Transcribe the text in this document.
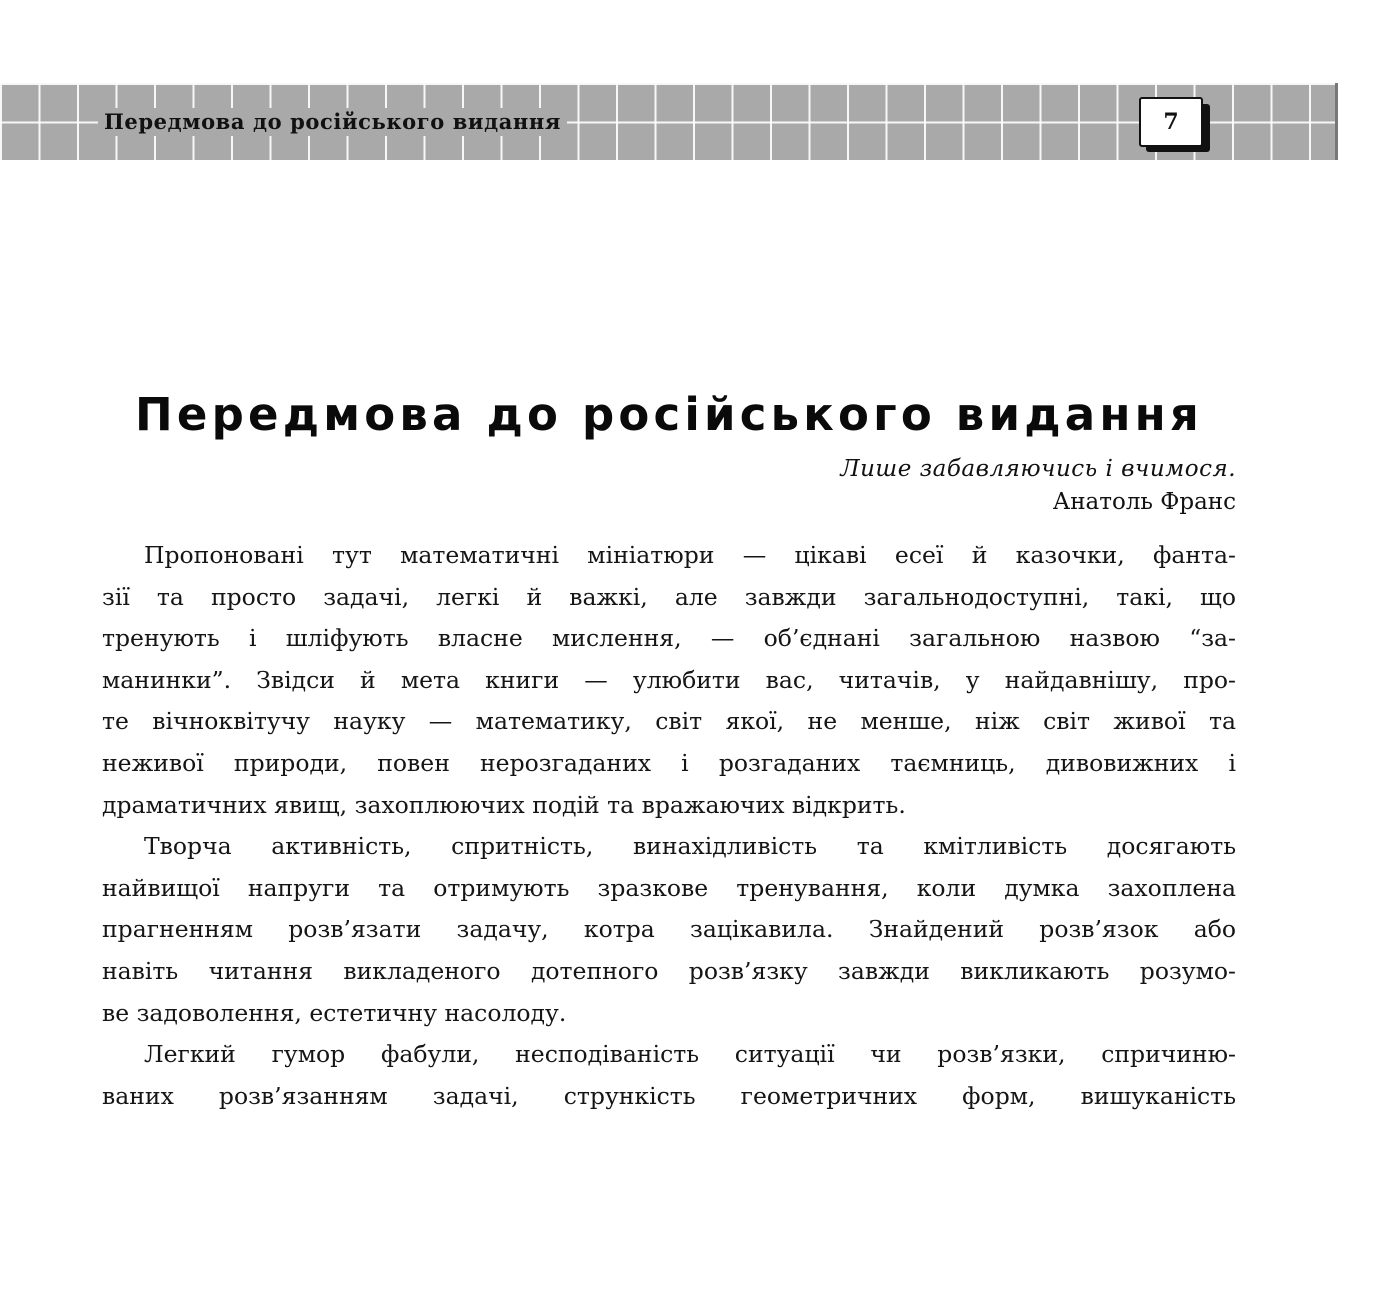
Передмова до російського видання	7
Передмова до російського видання
Лише забавляючись і вчимося.
Анатоль Франс

Пропоновані тут математичні мініатюри — цікаві есеї й казочки, фанта-
зії та просто задачі, легкі й важкі, але завжди загальнодоступні, такі, що
тренують і шліфують власне мислення, — об’єднані загальною назвою “за-
манинки”. Звідси й мета книги — улюбити вас, читачів, у найдавнішу, про-
те вічноквітучу науку — математику, світ якої, не менше, ніж світ живої та
неживої природи, повен нерозгаданих і розгаданих таємниць, дивовижних і
драматичних явищ, захоплюючих подій та вражаючих відкрить.

Творча активність, спритність, винахідливість та кмітливість досягають
найвищої напруги та отримують зразкове тренування, коли думка захоплена
прагненням розв’язати задачу, котра зацікавила. Знайдений розв’язок або
навіть читання викладеного дотепного розв’язку завжди викликають розумо-
ве задоволення, естетичну насолоду.

Легкий гумор фабули, несподіваність ситуації чи розв’язки, спричиню-
ваних розв’язанням задачі, стрункість геометричних форм, вишуканість
